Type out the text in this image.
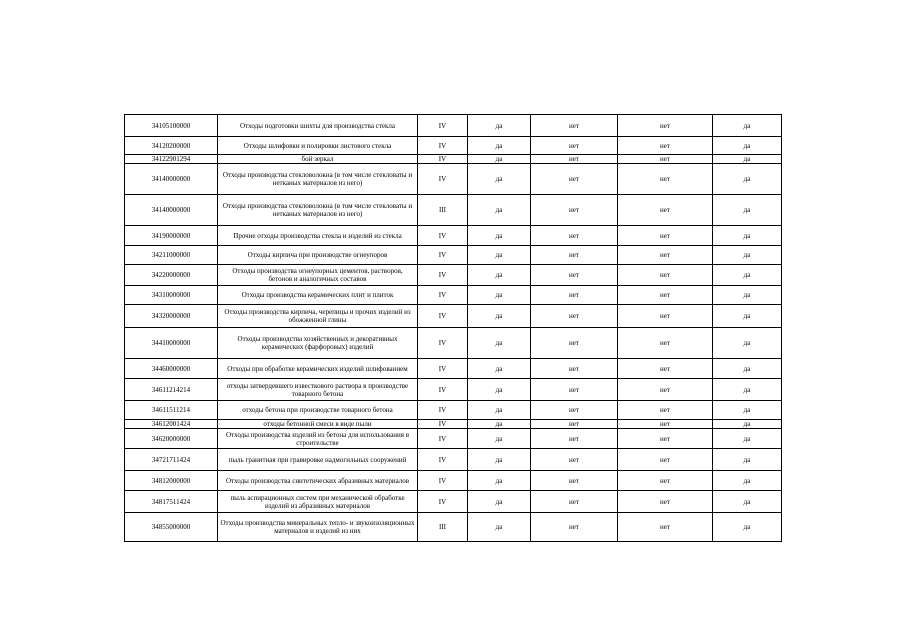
34105100000	Отходы подготовки шихты для производства стекла	IV	да	нет	нет	да
34120200000	Отходы шлифовки и полировки листового стекла	IV	да	нет	нет	да
34122901294	бой зеркал	IV	да	нет	нет	да
34140000000	Отходы производства стекловолокна (в том числе стекловаты и нетканых материалов из него)	IV	да	нет	нет	да
34140000000	Отходы производства стекловолокна (в том числе стекловаты и нетканых материалов из него)	III	да	нет	нет	да
34190000000	Прочие отходы производства стекла и изделий из стекла	IV	да	нет	нет	да
34211000000	Отходы кирпича при производстве огнеупоров	IV	да	нет	нет	да
34220000000	Отходы производства огнеупорных цементов, растворов, бетонов и аналогичных составов	IV	да	нет	нет	да
34310000000	Отходы производства керамических плит и плиток	IV	да	нет	нет	да
34320000000	Отходы производства кирпича, черепицы и прочих изделий из обожженной глины	IV	да	нет	нет	да
34410000000	Отходы производства хозяйственных и декоративных керамических (фарфоровых) изделий	IV	да	нет	нет	да
34460000000	Отходы при обработке керамических изделий шлифованием	IV	да	нет	нет	да
34611214214	отходы затвердевшего известкового раствора в производстве товарного бетона	IV	да	нет	нет	да
34611511214	отходы бетона при производстве товарного бетона	IV	да	нет	нет	да
34612001424	отходы бетонной смеси в виде пыли	IV	да	нет	нет	да
34620000000	Отходы производства изделий из бетона для использования в строительстве	IV	да	нет	нет	да
34721711424	пыль гранитная при гравировке надмогильных сооружений	IV	да	нет	нет	да
34812000000	Отходы производства синтетических абразивных материалов	IV	да	нет	нет	да
34817511424	пыль аспирационных систем при механической обработке изделий из абразивных материалов	IV	да	нет	нет	да
34855000000	Отходы производства минеральных тепло- и звукоизоляционных материалов и изделий из них	III	да	нет	нет	да
